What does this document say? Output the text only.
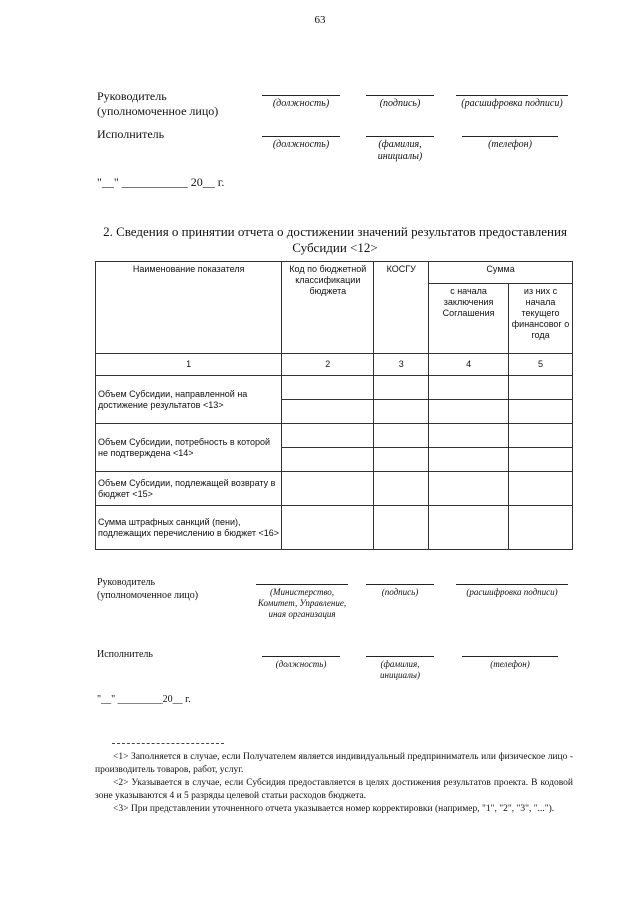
63
Руководитель
(уполномоченное лицо)
(должность)	(подпись)	(расшифровка подписи)
Исполнитель
(должность)	(фамилия, инициалы)
(телефон)
"__" ___________ 20__ г.
2. Сведения о принятии отчета о достижении значений результатов предоставления Субсидии <12>
Наименование показателя	Код по бюджетной классификации бюджета	КОСГУ	Сумма	
			с начала заключения Соглашения	из них с начала текущего финансовог о года
1	2	3	4	5
Объем Субсидии, направленной на достижение результатов <13>				

Объем Субсидии, потребность в которой не подтверждена <14>				

Объем Субсидии, подлежащей возврату в бюджет <15>				
Сумма штрафных санкций (пени), подлежащих перечислению в бюджет <16>				
Руководитель
(уполномоченное лицо)	(Министерство, Комитет, Управление, иная организация
(подпись)	(расшифровка подписи)
Исполнитель
(должность)	(фамилия, инициалы)
(телефон)
"__" _________20__ г.

<1> Заполняется в случае, если Получателем является индивидуальный предприниматель или физическое лицо - производитель товаров, работ, услуг.

<2> Указывается в случае, если Субсидия предоставляется в целях достижения результатов проекта. В кодовой зоне указываются 4 и 5 разряды целевой статьи расходов бюджета.

<3> При представлении уточненного отчета указывается номер корректировки (например, "1", "2", "3", "...").
